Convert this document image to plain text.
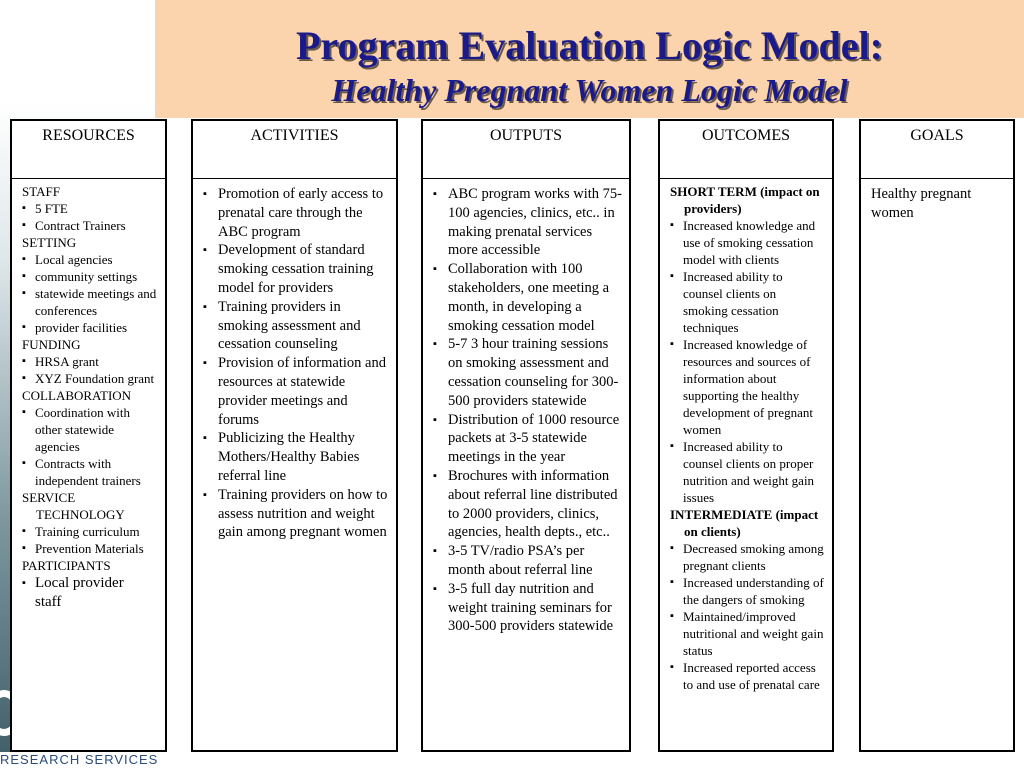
RESEARCH SERVICES
Program Evaluation Logic Model:
Healthy Pregnant Women Logic Model
RESOURCES
STAFF
▪ 5 FTE
▪ Contract Trainers
SETTING
▪ Local agencies
▪ community settings
▪ statewide meetings and conferences
▪ provider facilities
FUNDING
▪ HRSA grant
▪ XYZ Foundation grant
COLLABORATION
▪ Coordination with other statewide agencies
▪ Contracts with independent trainers
SERVICE TECHNOLOGY
▪ Training curriculum
▪ Prevention Materials
PARTICIPANTS
▪ Local provider staff
ACTIVITIES
▪ Promotion of early access to prenatal care through the ABC program
▪ Development of standard smoking cessation training model for providers
▪ Training providers in smoking assessment and cessation counseling
▪ Provision of information and resources at statewide provider meetings and forums
▪ Publicizing the Healthy Mothers/Healthy Babies referral line
▪ Training providers on how to assess nutrition and weight gain among pregnant women
OUTPUTS
▪ ABC program works with 75-100 agencies, clinics, etc.. in making prenatal services more accessible
▪ Collaboration with 100 stakeholders, one meeting a month, in developing a smoking cessation model
▪ 5-7 3 hour training sessions on smoking assessment and cessation counseling for 300-500 providers statewide
▪ Distribution of 1000 resource packets at 3-5 statewide meetings in the year
▪ Brochures with information about referral line distributed to 2000 providers, clinics, agencies, health depts., etc..
▪ 3-5 TV/radio PSA’s per month about referral line
▪ 3-5 full day nutrition and weight training seminars for 300-500 providers statewide
OUTCOMES
SHORT TERM (impact on providers)
▪ Increased knowledge and use of smoking cessation model with clients
▪ Increased ability to counsel clients on smoking cessation techniques
▪ Increased knowledge of resources and sources of information about supporting the healthy development of pregnant women
▪ Increased ability to counsel clients on proper nutrition and weight gain issues
INTERMEDIATE (impact on clients)
▪ Decreased smoking among pregnant clients
▪ Increased understanding of the dangers of smoking
▪ Maintained/improved nutritional and weight gain status
▪ Increased reported access to and use of prenatal care
GOALS
Healthy pregnant women
